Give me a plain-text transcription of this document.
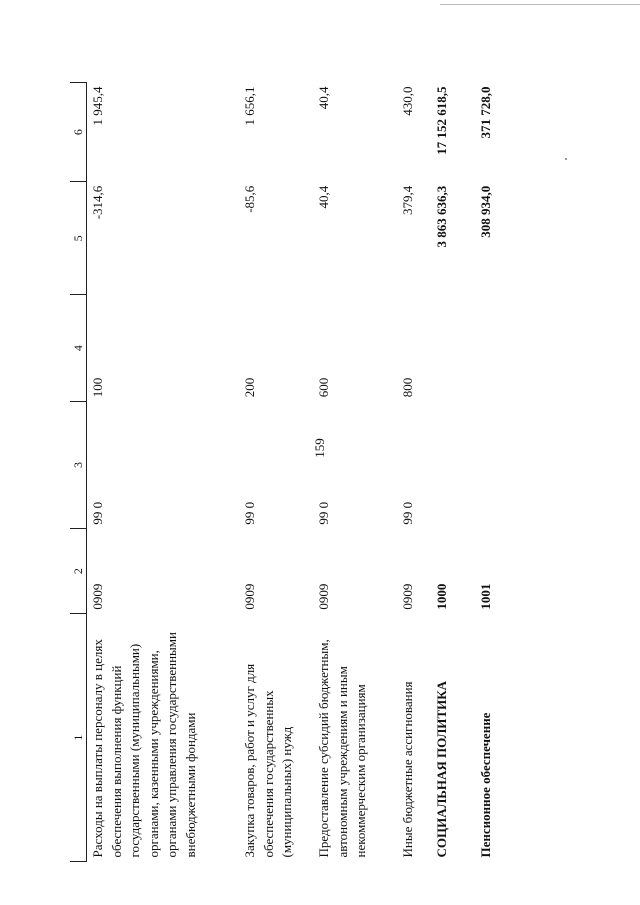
159
1	2	3	4	5	6
Расходы на выплаты персоналу в целях обеспечения выполнения функций государственными (муниципальными) органами, казенными учреждениями, органами управления государственными внебюджетными фондами	0909	99 0	100	-314,6	1 945,4
Закупка товаров, работ и услуг для обеспечения государственных (муниципальных) нужд	0909	99 0	200	-85,6	1 656,1
Предоставление субсидий бюджетным, автономным учреждениям и иным некоммерческим организациям	0909	99 0	600	40,4	40,4
Иные бюджетные ассигнования	0909	99 0	800	379,4	430,0
СОЦИАЛЬНАЯ ПОЛИТИКА	1000			3 863 636,3	17 152 618,5
Пенсионное обеспечение	1001			308 934,0	371 728,0
